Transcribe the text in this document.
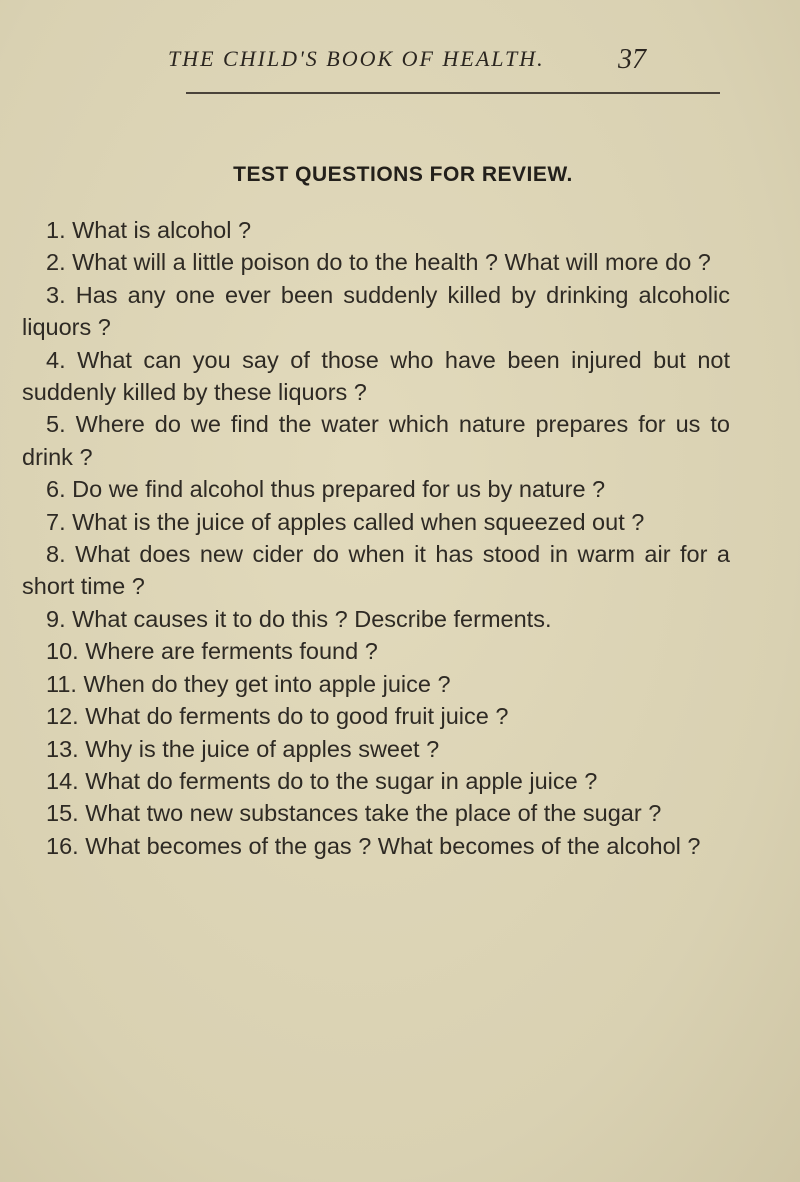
THE CHILD'S BOOK OF HEALTH.	37
TEST QUESTIONS FOR REVIEW.

1. What is alcohol ?

2. What will a little poison do to the health ? What will more do ?

3. Has any one ever been suddenly killed by drinking alcoholic liquors ?

4. What can you say of those who have been injured but not suddenly killed by these liquors ?

5. Where do we find the water which nature prepares for us to drink ?

6. Do we find alcohol thus prepared for us by nature ?

7. What is the juice of apples called when squeezed out ?

8. What does new cider do when it has stood in warm air for a short time ?

9. What causes it to do this ? Describe ferments.

10. Where are ferments found ?

11. When do they get into apple juice ?

12. What do ferments do to good fruit juice ?

13. Why is the juice of apples sweet ?

14. What do ferments do to the sugar in apple juice ?

15. What two new substances take the place of the sugar ?

16. What becomes of the gas ? What becomes of the alcohol ?
